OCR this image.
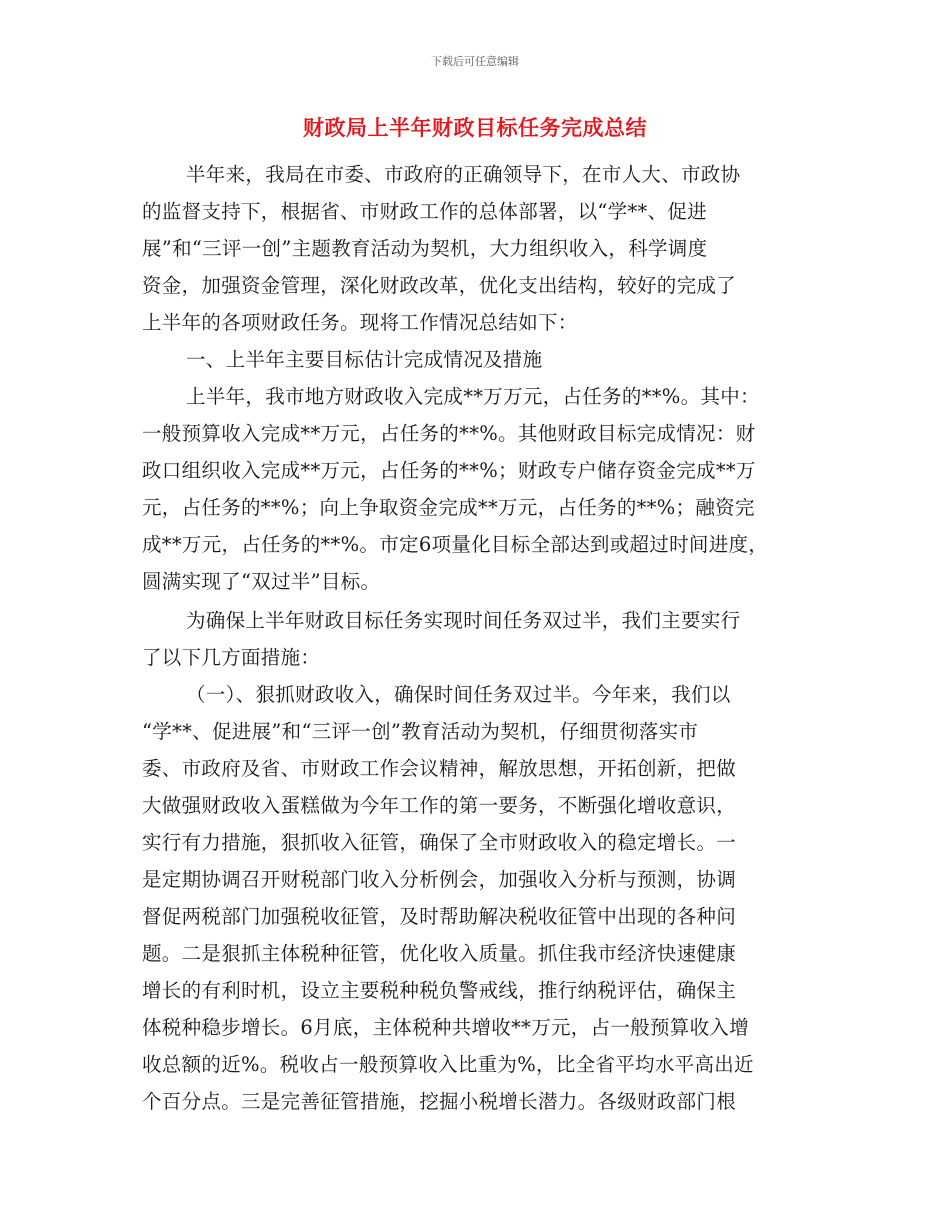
下载后可任意编辑
财政局上半年财政目标任务完成总结
半年来，我局在市委、市政府的正确领导下，在市人大、市政协
的监督支持下，根据省、市财政工作的总体部署，以“学**、促进
展”和“三评一创”主题教育活动为契机，大力组织收入，科学调度
资金，加强资金管理，深化财政改革，优化支出结构，较好的完成了
上半年的各项财政任务。现将工作情况总结如下：
一、上半年主要目标估计完成情况及措施
上半年，我市地方财政收入完成**万万元，占任务的**%。其中：
一般预算收入完成**万元，占任务的**%。其他财政目标完成情况：财
政口组织收入完成**万元，占任务的**%；财政专户储存资金完成**万
元，占任务的**%；向上争取资金完成**万元，占任务的**%；融资完
成**万元，占任务的**%。市定6项量化目标全部达到或超过时间进度，
圆满实现了“双过半”目标。
为确保上半年财政目标任务实现时间任务双过半，我们主要实行
了以下几方面措施：
（一）、狠抓财政收入，确保时间任务双过半。今年来，我们以
“学**、促进展”和“三评一创”教育活动为契机，仔细贯彻落实市
委、市政府及省、市财政工作会议精神，解放思想，开拓创新，把做
大做强财政收入蛋糕做为今年工作的第一要务，不断强化增收意识，
实行有力措施，狠抓收入征管，确保了全市财政收入的稳定增长。一
是定期协调召开财税部门收入分析例会，加强收入分析与预测，协调
督促两税部门加强税收征管，及时帮助解决税收征管中出现的各种问
题。二是狠抓主体税种征管，优化收入质量。抓住我市经济快速健康
增长的有利时机，设立主要税种税负警戒线，推行纳税评估，确保主
体税种稳步增长。6月底，主体税种共增收**万元，占一般预算收入增
收总额的近%。税收占一般预算收入比重为%，比全省平均水平高出近
个百分点。三是完善征管措施，挖掘小税增长潜力。各级财政部门根
